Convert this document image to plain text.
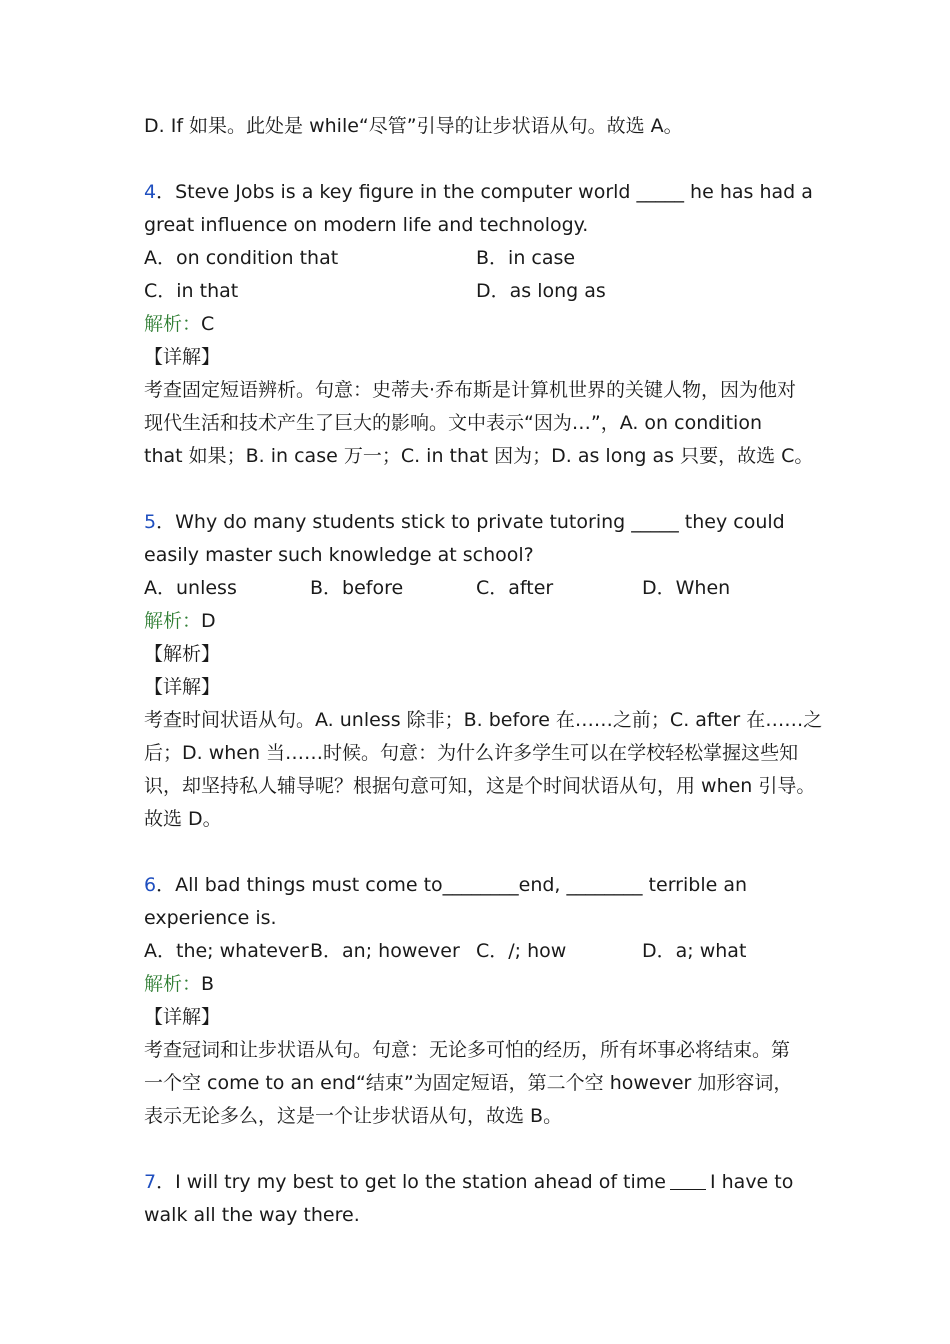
D. If 如果。此处是 while“尽管”引导的让步状语从句。故选 A。
4．Steve Jobs is a key figure in the computer world _____ he has had a
great influence on modern life and technology.
A．on condition that	B．in case
C．in that	D．as long as
解析：C
【详解】
考查固定短语辨析。句意：史蒂夫·乔布斯是计算机世界的关键人物，因为他对
现代生活和技术产生了巨大的影响。文中表示“因为…”，A. on condition
that 如果；B. in case 万一；C. in that 因为；D. as long as 只要，故选 C。
5．Why do many students stick to private tutoring _____ they could
easily master such knowledge at school?
A．unless	B．before	C．after	D．When
解析：D
【解析】
【详解】
考查时间状语从句。A. unless 除非；B. before 在……之前；C. after 在……之
后；D. when 当……时候。句意：为什么许多学生可以在学校轻松掌握这些知
识，却坚持私人辅导呢？根据句意可知，这是个时间状语从句，用 when 引导。
故选 D。
6．All bad things must come to________end, ________ terrible an
experience is.
A．the; whatever B．an; however C．/; how	D．a; what
解析：B
【详解】
考查冠词和让步状语从句。句意：无论多可怕的经历，所有坏事必将结束。第
一个空 come to an end“结束”为固定短语，第二个空 however 加形容词，
表示无论多么，这是一个让步状语从句，故选 B。
7．I will try my best to get lo the station ahead of time I have to
walk all the way there.
